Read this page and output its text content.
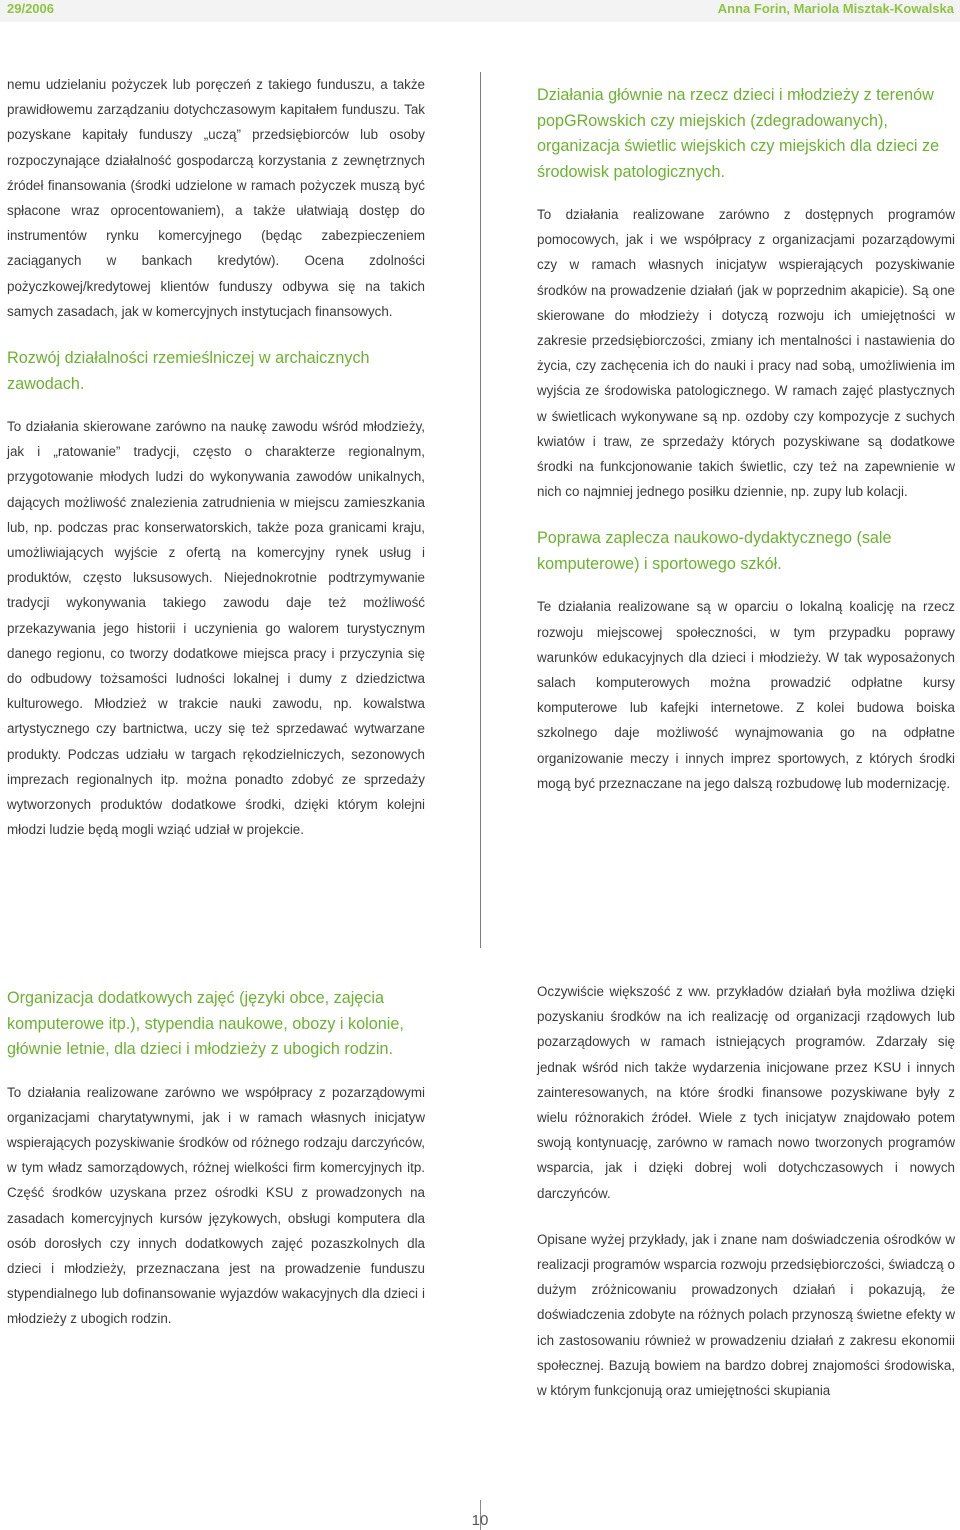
29/2006	Anna Forin, Mariola Misztak-Kowalska

nemu udzielaniu pożyczek lub poręczeń z takiego funduszu, a także prawidłowemu zarządzaniu dotychczasowym kapitałem funduszu. Tak pozyskane kapitały funduszy „uczą” przedsiębiorców lub osoby rozpoczynające działalność gospodarczą korzystania z zewnętrznych źródeł finansowania (środki udzielone w ramach pożyczek muszą być spłacone wraz oprocentowaniem), a także ułatwiają dostęp do instrumentów rynku komercyjnego (będąc zabezpieczeniem zaciąganych w bankach kredytów). Ocena zdolności pożyczkowej/kredytowej klientów funduszy odbywa się na takich samych zasadach, jak w komercyjnych instytucjach finansowych.

Rozwój działalności rzemieślniczej w archaicznych zawodach.

To działania skierowane zarówno na naukę zawodu wśród młodzieży, jak i „ratowanie” tradycji, często o charakterze regionalnym, przygotowanie młodych ludzi do wykonywania zawodów unikalnych, dających możliwość znalezienia zatrudnienia w miejscu zamieszkania lub, np. podczas prac konserwatorskich, także poza granicami kraju, umożliwiających wyjście z ofertą na komercyjny rynek usług i produktów, często luksusowych. Niejednokrotnie podtrzymywanie tradycji wykonywania takiego zawodu daje też możliwość przekazywania jego historii i uczynienia go walorem turystycznym danego regionu, co tworzy dodatkowe miejsca pracy i przyczynia się do odbudowy tożsamości ludności lokalnej i dumy z dziedzictwa kulturowego. Młodzież w trakcie nauki zawodu, np. kowalstwa artystycznego czy bartnictwa, uczy się też sprzedawać wytwarzane produkty. Podczas udziału w targach rękodzielniczych, sezonowych imprezach regionalnych itp. można ponadto zdobyć ze sprzedaży wytworzonych produktów dodatkowe środki, dzięki którym kolejni młodzi ludzie będą mogli wziąć udział w projekcie.

Działania głównie na rzecz dzieci i młodzieży z terenów popGRowskich czy miejskich (zdegradowanych), organizacja świetlic wiejskich czy miejskich dla dzieci ze środowisk patologicznych.

To działania realizowane zarówno z dostępnych programów pomocowych, jak i we współpracy z organizacjami pozarządowymi czy w ramach własnych inicjatyw wspierających pozyskiwanie środków na prowadzenie działań (jak w poprzednim akapicie). Są one skierowane do młodzieży i dotyczą rozwoju ich umiejętności w zakresie przedsiębiorczości, zmiany ich mentalności i nastawienia do życia, czy zachęcenia ich do nauki i pracy nad sobą, umożliwienia im wyjścia ze środowiska patologicznego. W ramach zajęć plastycznych w świetlicach wykonywane są np. ozdoby czy kompozycje z suchych kwiatów i traw, ze sprzedaży których pozyskiwane są dodatkowe środki na funkcjonowanie takich świetlic, czy też na zapewnienie w nich co najmniej jednego posiłku dziennie, np. zupy lub kolacji.

Poprawa zaplecza naukowo-dydaktycznego (sale komputerowe) i sportowego szkół.

Te działania realizowane są w oparciu o lokalną koalicję na rzecz rozwoju miejscowej społeczności, w tym przypadku poprawy warunków edukacyjnych dla dzieci i młodzieży. W tak wyposażonych salach komputerowych można prowadzić odpłatne kursy komputerowe lub kafejki internetowe. Z kolei budowa boiska szkolnego daje możliwość wynajmowania go na odpłatne organizowanie meczy i innych imprez sportowych, z których środki mogą być przeznaczane na jego dalszą rozbudowę lub modernizację.

Organizacja dodatkowych zajęć (języki obce, zajęcia komputerowe itp.), stypendia naukowe, obozy i kolonie, głównie letnie, dla dzieci i młodzieży z ubogich rodzin.

To działania realizowane zarówno we współpracy z pozarządowymi organizacjami charytatywnymi, jak i w ramach własnych inicjatyw wspierających pozyskiwanie środków od różnego rodzaju darczyńców, w tym władz samorządowych, różnej wielkości firm komercyjnych itp. Część środków uzyskana przez ośrodki KSU z prowadzonych na zasadach komercyjnych kursów językowych, obsługi komputera dla osób dorosłych czy innych dodatkowych zajęć pozaszkolnych dla dzieci i młodzieży, przeznaczana jest na prowadzenie funduszu stypendialnego lub dofinansowanie wyjazdów wakacyjnych dla dzieci i młodzieży z ubogich rodzin.

Oczywiście większość z ww. przykładów działań była możliwa dzięki pozyskaniu środków na ich realizację od organizacji rządowych lub pozarządowych w ramach istniejących programów. Zdarzały się jednak wśród nich także wydarzenia inicjowane przez KSU i innych zainteresowanych, na które środki finansowe pozyskiwane były z wielu różnorakich źródeł. Wiele z tych inicjatyw znajdowało potem swoją kontynuację, zarówno w ramach nowo tworzonych programów wsparcia, jak i dzięki dobrej woli dotychczasowych i nowych darczyńców.

Opisane wyżej przykłady, jak i znane nam doświadczenia ośrodków w realizacji programów wsparcia rozwoju przedsiębiorczości, świadczą o dużym zróżnicowaniu prowadzonych działań i pokazują, że doświadczenia zdobyte na różnych polach przynoszą świetne efekty w ich zastosowaniu również w prowadzeniu działań z zakresu ekonomii społecznej. Bazują bowiem na bardzo dobrej znajomości środowiska, w którym funkcjonują oraz umiejętności skupiania

10
